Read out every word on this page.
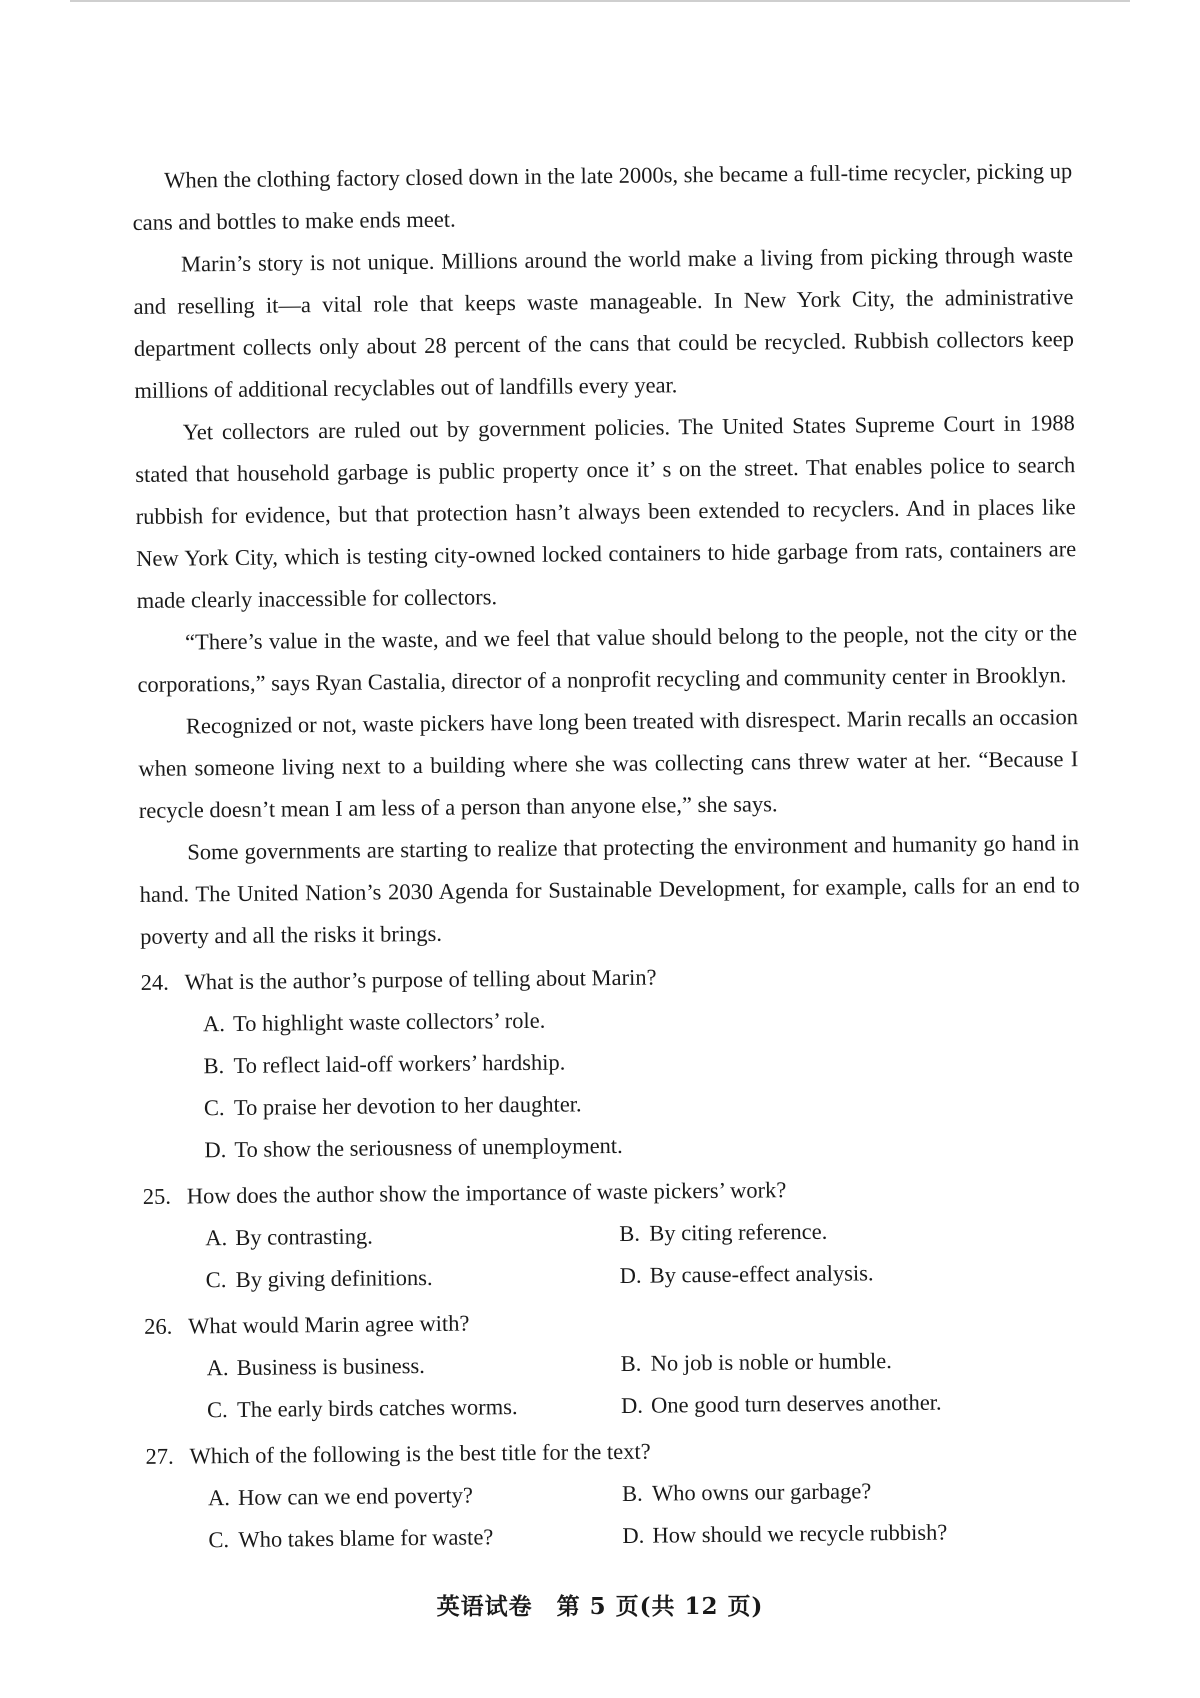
When the clothing factory closed down in the late 2000s, she became a full-time recycler, picking up cans and bottles to make ends meet.

Marin’s story is not unique. Millions around the world make a living from picking through waste and reselling it—a vital role that keeps waste manageable. In New York City, the administrative department collects only about 28 percent of the cans that could be recycled. Rubbish collectors keep millions of additional recyclables out of landfills every year.

Yet collectors are ruled out by government policies. The United States Supreme Court in 1988 stated that household garbage is public property once it’ s on the street. That enables police to search rubbish for evidence, but that protection hasn’t always been extended to recyclers. And in places like New York City, which is testing city-owned locked containers to hide garbage from rats, containers are made clearly inaccessible for collectors.

“There’s value in the waste, and we feel that value should belong to the people, not the city or the corporations,” says Ryan Castalia, director of a nonprofit recycling and community center in Brooklyn.

Recognized or not, waste pickers have long been treated with disrespect. Marin recalls an occasion when someone living next to a building where she was collecting cans threw water at her. “Because I recycle doesn’t mean I am less of a person than anyone else,” she says.

Some governments are starting to realize that protecting the environment and humanity go hand in hand. The United Nation’s 2030 Agenda for Sustainable Development, for example, calls for an end to poverty and all the risks it brings.

24. What is the author’s purpose of telling about Marin?

A. To highlight waste collectors’ role.
B. To reflect laid-off workers’ hardship.
C. To praise her devotion to her daughter.
D. To show the seriousness of unemployment.

25. How does the author show the importance of waste pickers’ work?

A. By contrasting.	B. By citing reference.
C. By giving definitions.	D. By cause-effect analysis.

26. What would Marin agree with?

A. Business is business.	B. No job is noble or humble.
C. The early birds catches worms.	D. One good turn deserves another.

27. Which of the following is the best title for the text?

A. How can we end poverty?	B. Who owns our garbage?
C. Who takes blame for waste?	D. How should we recycle rubbish?
英语试卷　第 5 页(共 12 页)
